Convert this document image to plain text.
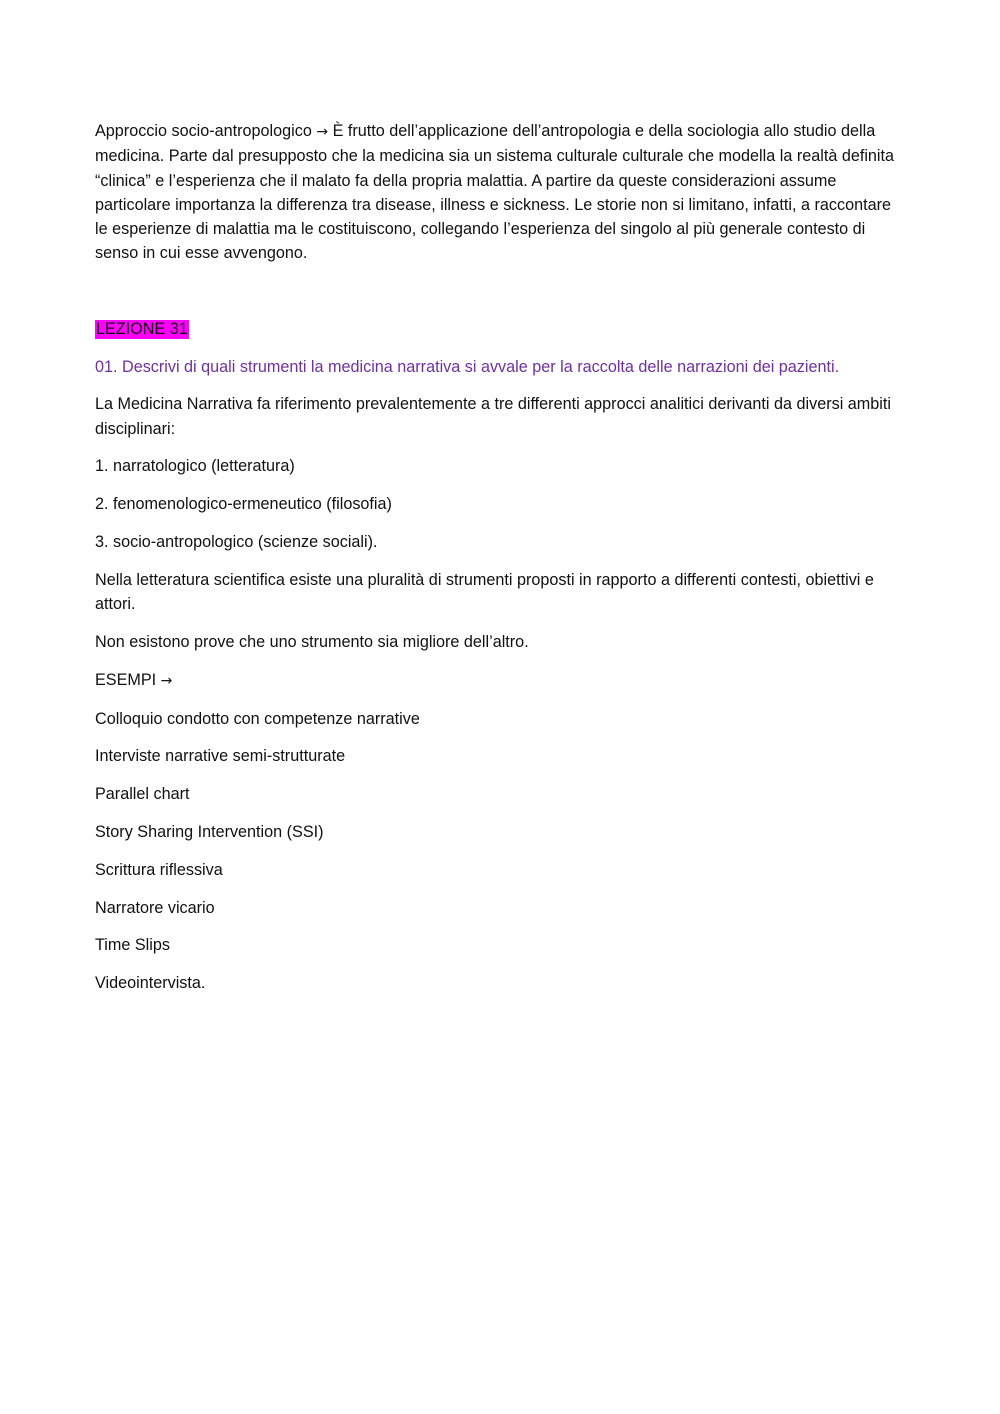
Approccio socio-antropologico → È frutto dell’applicazione dell’antropologia e della sociologia allo studio della medicina. Parte dal presupposto che la medicina sia un sistema culturale culturale che modella la realtà definita “clinica” e l’esperienza che il malato fa della propria malattia. A partire da queste considerazioni assume particolare importanza la differenza tra disease, illness e sickness. Le storie non si limitano, infatti, a raccontare le esperienze di malattia ma le costituiscono, collegando l’esperienza del singolo al più generale contesto di senso in cui esse avvengono.

LEZIONE 31

01. Descrivi di quali strumenti la medicina narrativa si avvale per la raccolta delle narrazioni dei pazienti.

La Medicina Narrativa fa riferimento prevalentemente a tre differenti approcci analitici derivanti da diversi ambiti disciplinari:

1. narratologico (letteratura)

2. fenomenologico-ermeneutico (filosofia)

3. socio-antropologico (scienze sociali).

Nella letteratura scientifica esiste una pluralità di strumenti proposti in rapporto a differenti contesti, obiettivi e attori.

Non esistono prove che uno strumento sia migliore dell’altro.

ESEMPI →

Colloquio condotto con competenze narrative

Interviste narrative semi-strutturate

Parallel chart

Story Sharing Intervention (SSI)

Scrittura riflessiva

Narratore vicario

Time Slips

Videointervista.
